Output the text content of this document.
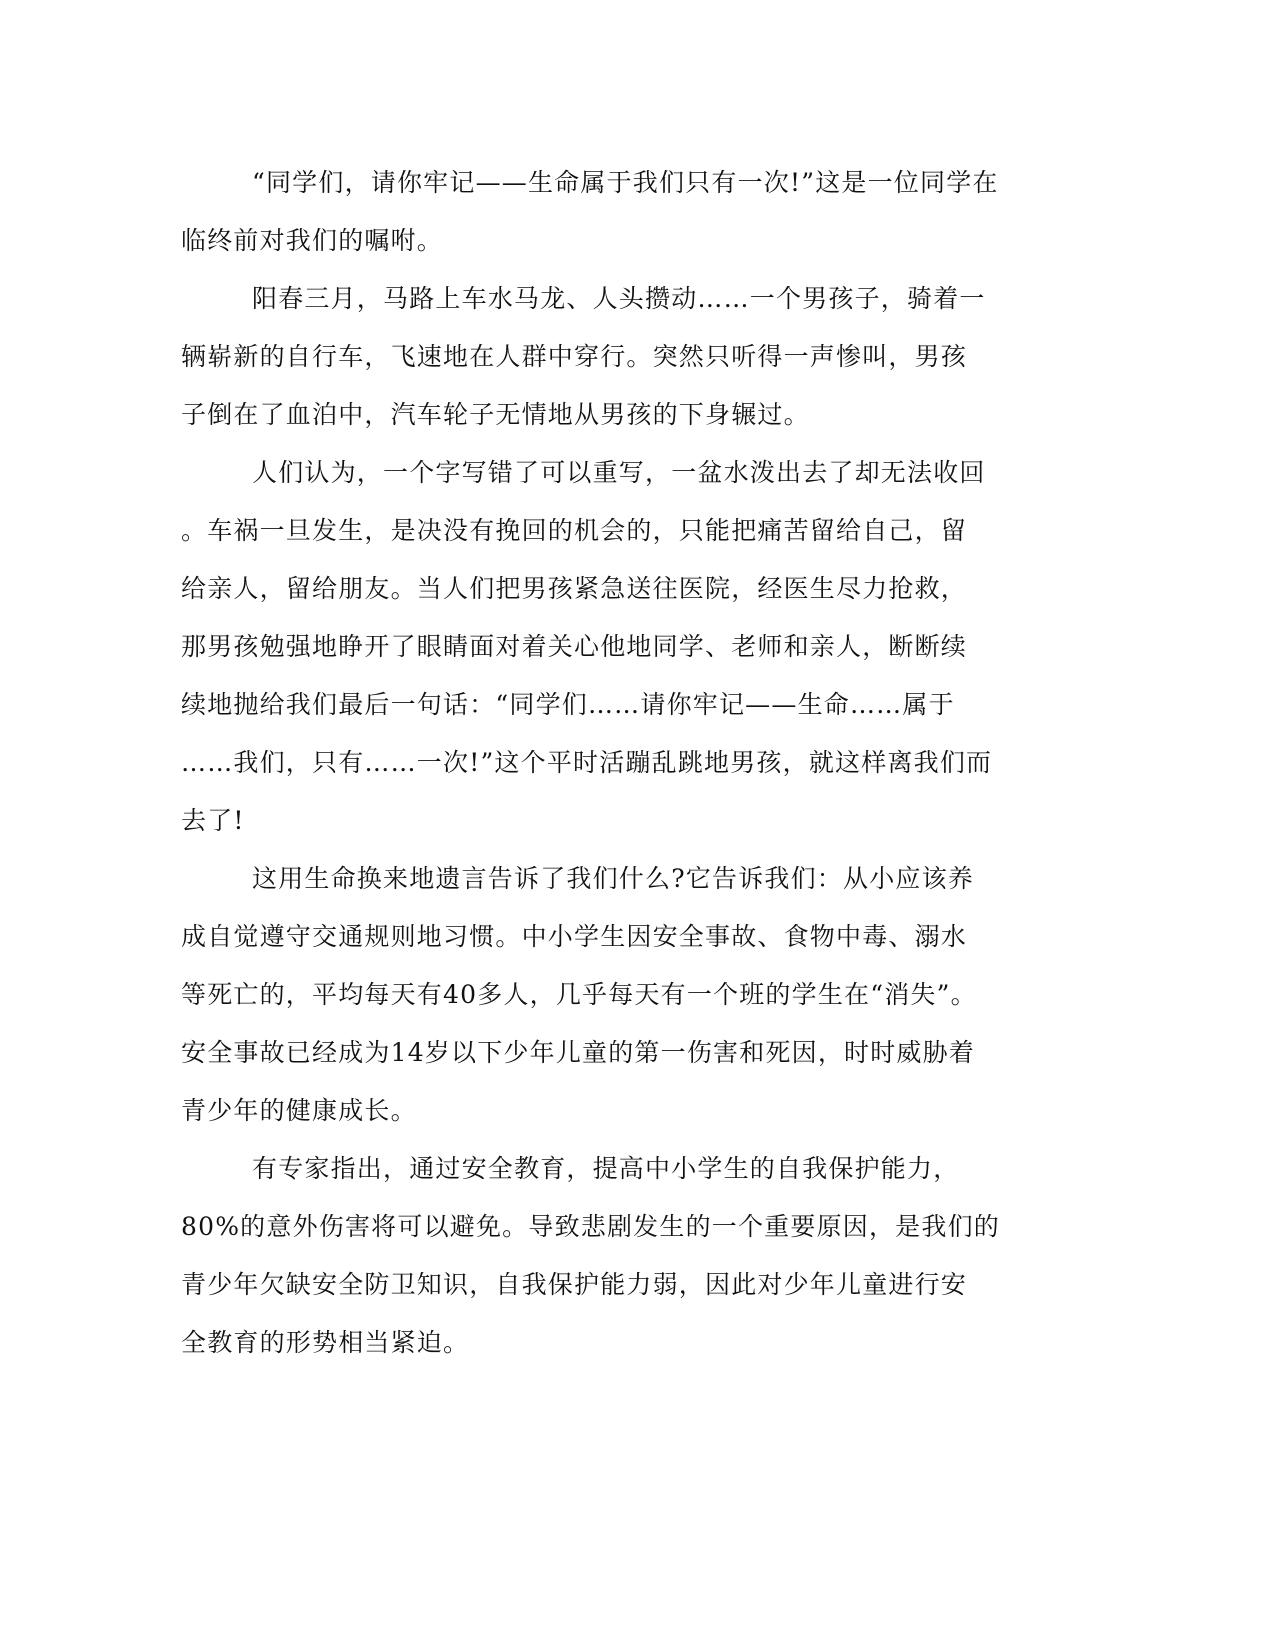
“同学们，请你牢记——生命属于我们只有一次!”这是一位同学在
临终前对我们的嘱咐。
阳春三月，马路上车水马龙、人头攒动……一个男孩子，骑着一
辆崭新的自行车，飞速地在人群中穿行。突然只听得一声惨叫，男孩
子倒在了血泊中，汽车轮子无情地从男孩的下身辗过。
人们认为，一个字写错了可以重写，一盆水泼出去了却无法收回
。车祸一旦发生，是决没有挽回的机会的，只能把痛苦留给自己，留
给亲人，留给朋友。当人们把男孩紧急送往医院，经医生尽力抢救，
那男孩勉强地睁开了眼睛面对着关心他地同学、老师和亲人，断断续
续地抛给我们最后一句话：“同学们……请你牢记——生命……属于
……我们，只有……一次!”这个平时活蹦乱跳地男孩，就这样离我们而
去了!
这用生命换来地遗言告诉了我们什么?它告诉我们：从小应该养
成自觉遵守交通规则地习惯。中小学生因安全事故、食物中毒、溺水
等死亡的，平均每天有40多人，几乎每天有一个班的学生在“消失”。
安全事故已经成为14岁以下少年儿童的第一伤害和死因，时时威胁着
青少年的健康成长。
有专家指出，通过安全教育，提高中小学生的自我保护能力，
80%的意外伤害将可以避免。导致悲剧发生的一个重要原因，是我们的
青少年欠缺安全防卫知识，自我保护能力弱，因此对少年儿童进行安
全教育的形势相当紧迫。
